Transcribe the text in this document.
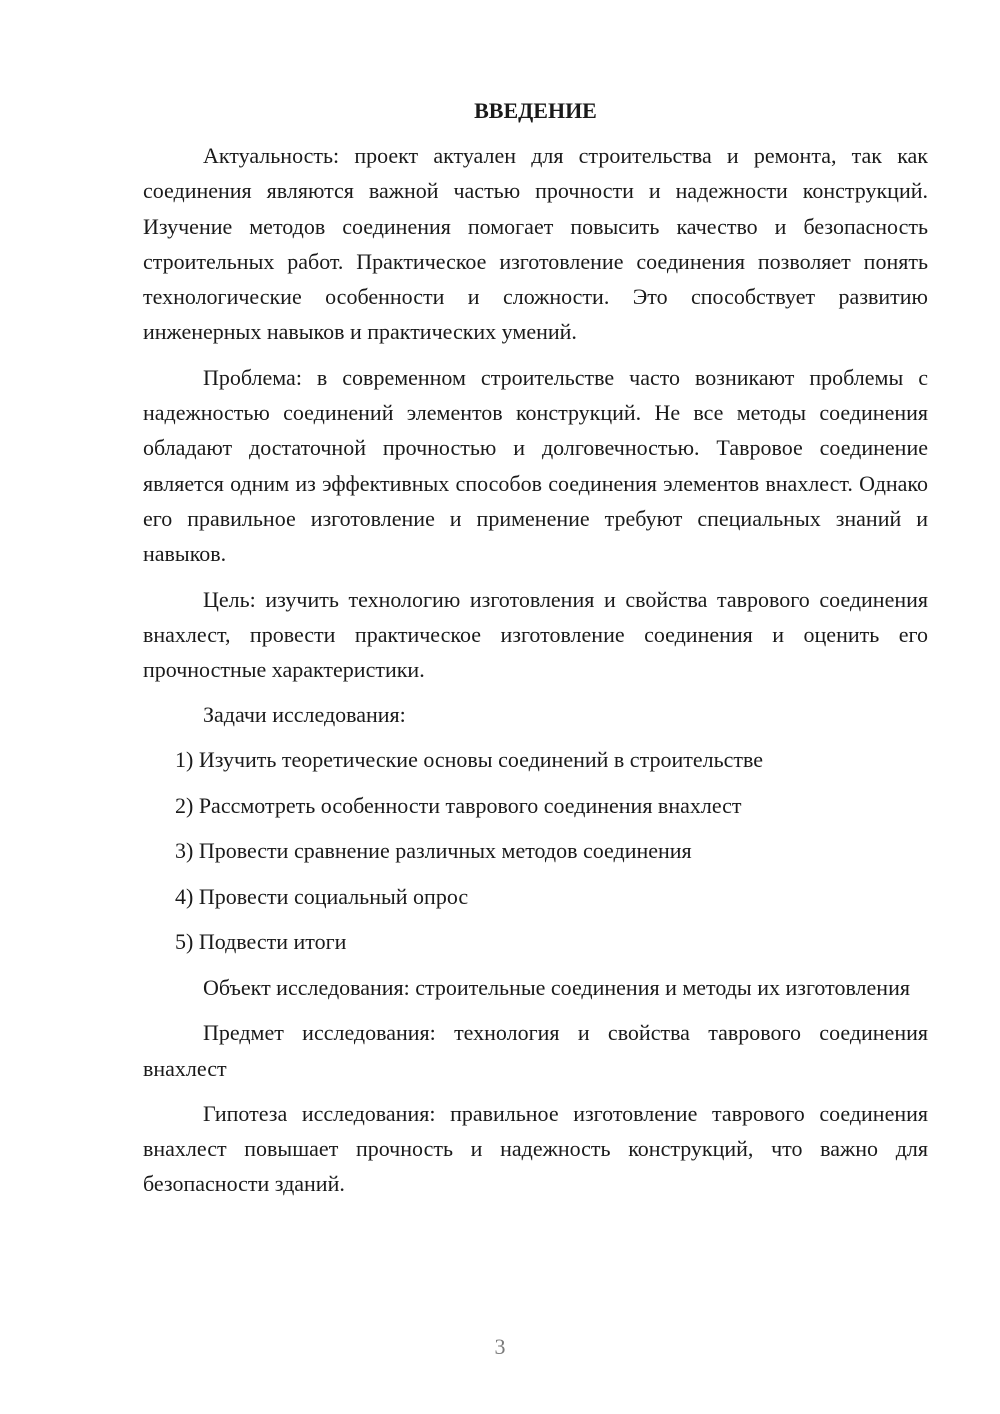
ВВЕДЕНИЕ

Актуальность: проект актуален для строительства и ремонта, так как соединения являются важной частью прочности и надежности конструкций. Изучение методов соединения помогает повысить качество и безопасность строительных работ. Практическое изготовление соединения позволяет понять технологические особенности и сложности. Это способствует развитию инженерных навыков и практических умений.

Проблема: в современном строительстве часто возникают проблемы с надежностью соединений элементов конструкций. Не все методы соединения обладают достаточной прочностью и долговечностью. Тавровое соединение является одним из эффективных способов соединения элементов внахлест. Однако его правильное изготовление и применение требуют специальных знаний и навыков.

Цель: изучить технологию изготовления и свойства таврового соединения внахлест, провести практическое изготовление соединения и оценить его прочностные характеристики.

Задачи исследования:

1) Изучить теоретические основы соединений в строительстве
2) Рассмотреть особенности таврового соединения внахлест
3) Провести сравнение различных методов соединения
4) Провести социальный опрос
5) Подвести итоги

Объект исследования: строительные соединения и методы их изготовления

Предмет исследования: технология и свойства таврового соединения внахлест

Гипотеза исследования: правильное изготовление таврового соединения внахлест повышает прочность и надежность конструкций, что важно для безопасности зданий.

3
